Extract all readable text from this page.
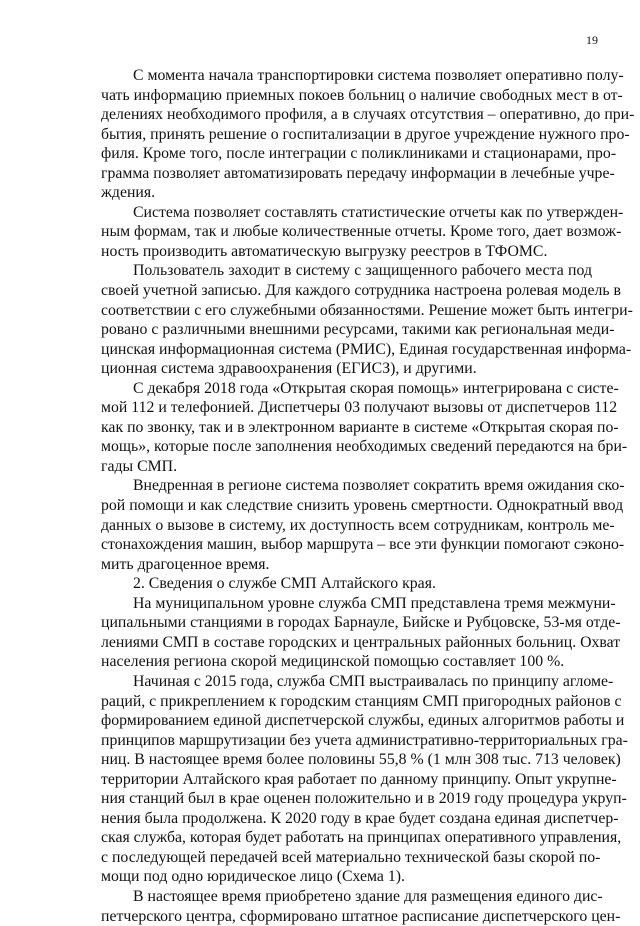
19
С момента начала транспортировки система позволяет оперативно полу-
чать информацию приемных покоев больниц о наличие свободных мест в от-
делениях необходимого профиля, а в случаях отсутствия – оперативно, до при-
бытия, принять решение о госпитализации в другое учреждение нужного про-
филя. Кроме того, после интеграции с поликлиниками и стационарами, про-
грамма позволяет автоматизировать передачу информации в лечебные учре-
ждения.
Система позволяет составлять статистические отчеты как по утвержден-
ным формам, так и любые количественные отчеты. Кроме того, дает возмож-
ность производить автоматическую выгрузку реестров в ТФОМС.
Пользователь заходит в систему с защищенного рабочего места под
своей учетной записью. Для каждого сотрудника настроена ролевая модель в
соответствии с его служебными обязанностями. Решение может быть интегри-
ровано с различными внешними ресурсами, такими как региональная меди-
цинская информационная система (РМИС), Единая государственная информа-
ционная система здравоохранения (ЕГИСЗ), и другими.
С декабря 2018 года «Открытая скорая помощь» интегрирована с систе-
мой 112 и телефонией. Диспетчеры 03 получают вызовы от диспетчеров 112
как по звонку, так и в электронном варианте в системе «Открытая скорая по-
мощь», которые после заполнения необходимых сведений передаются на бри-
гады СМП.
Внедренная в регионе система позволяет сократить время ожидания ско-
рой помощи и как следствие снизить уровень смертности. Однократный ввод
данных о вызове в систему, их доступность всем сотрудникам, контроль ме-
стонахождения машин, выбор маршрута – все эти функции помогают сэконо-
мить драгоценное время.
2. Сведения о службе СМП Алтайского края.
На муниципальном уровне служба СМП представлена тремя межмуни-
ципальными станциями в городах Барнауле, Бийске и Рубцовске, 53-мя отде-
лениями СМП в составе городских и центральных районных больниц. Охват
населения региона скорой медицинской помощью составляет 100 %.
Начиная с 2015 года, служба СМП выстраивалась по принципу агломе-
раций, с прикреплением к городским станциям СМП пригородных районов с
формированием единой диспетчерской службы, единых алгоритмов работы и
принципов маршрутизации без учета административно-территориальных гра-
ниц. В настоящее время более половины 55,8 % (1 млн 308 тыс. 713 человек)
территории Алтайского края работает по данному принципу. Опыт укрупне-
ния станций был в крае оценен положительно и в 2019 году процедура укруп-
нения была продолжена. К 2020 году в крае будет создана единая диспетчер-
ская служба, которая будет работать на принципах оперативного управления,
с последующей передачей всей материально технической базы скорой по-
мощи под одно юридическое лицо (Схема 1).
В настоящее время приобретено здание для размещения единого дис-
петчерского центра, сформировано штатное расписание диспетчерского цен-
